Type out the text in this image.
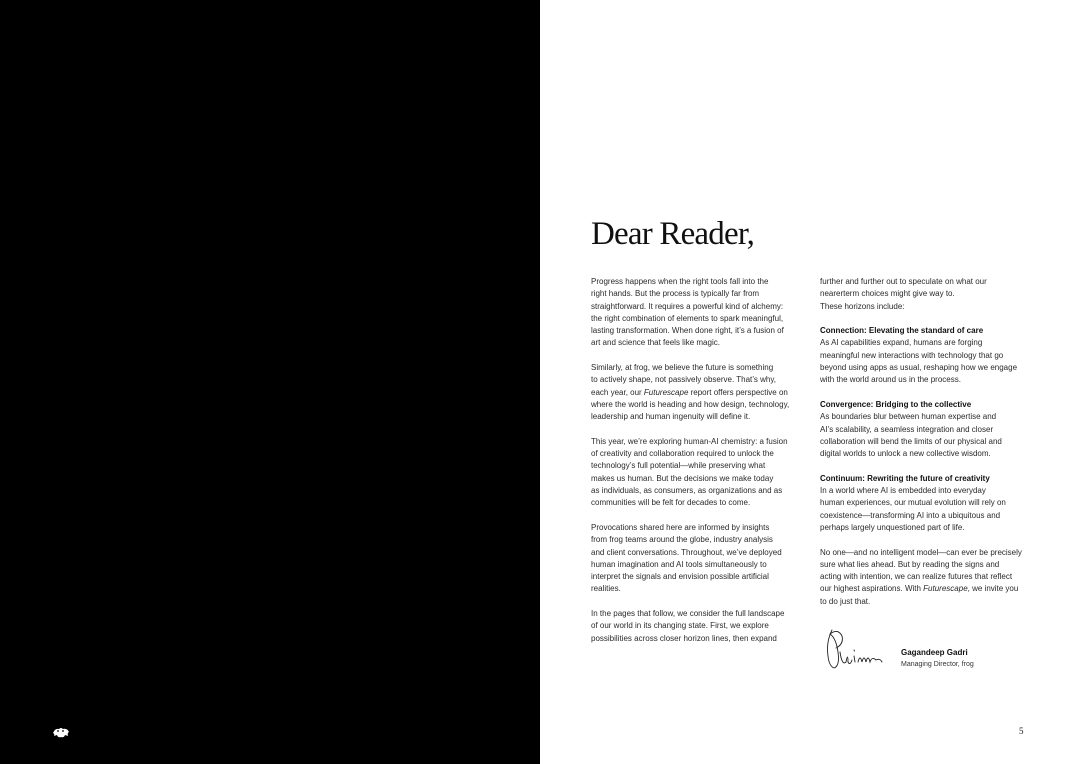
Dear Reader,

Progress happens when the right tools fall into the
right hands. But the process is typically far from
straightforward. It requires a powerful kind of alchemy:
the right combination of elements to spark meaningful,
lasting transformation. When done right, it’s a fusion of
art and science that feels like magic.

Similarly, at frog, we believe the future is something
to actively shape, not passively observe. That’s why,
each year, our Futurescape report offers perspective on
where the world is heading and how design, technology,
leadership and human ingenuity will define it.

This year, we’re exploring human-AI chemistry: a fusion
of creativity and collaboration required to unlock the
technology’s full potential—while preserving what
makes us human. But the decisions we make today
as individuals, as consumers, as organizations and as
communities will be felt for decades to come.

Provocations shared here are informed by insights
from frog teams around the globe, industry analysis
and client conversations. Throughout, we’ve deployed
human imagination and AI tools simultaneously to
interpret the signals and envision possible artificial
realities.

In the pages that follow, we consider the full landscape
of our world in its changing state. First, we explore
possibilities across closer horizon lines, then expand

further and further out to speculate on what our
nearerterm choices might give way to.
These horizons include:

Connection: Elevating the standard of care

As AI capabilities expand, humans are forging
meaningful new interactions with technology that go
beyond using apps as usual, reshaping how we engage
with the world around us in the process.

Convergence: Bridging to the collective

As boundaries blur between human expertise and
AI’s scalability, a seamless integration and closer
collaboration will bend the limits of our physical and
digital worlds to unlock a new collective wisdom.

Continuum: Rewriting the future of creativity

In a world where AI is embedded into everyday
human experiences, our mutual evolution will rely on
coexistence—transforming AI into a ubiquitous and
perhaps largely unquestioned part of life.

No one—and no intelligent model—can ever be precisely
sure what lies ahead. But by reading the signs and
acting with intention, we can realize futures that reflect
our highest aspirations. With Futurescape, we invite you
to do just that.

Gagandeep Gadri
Managing Director, frog
5
